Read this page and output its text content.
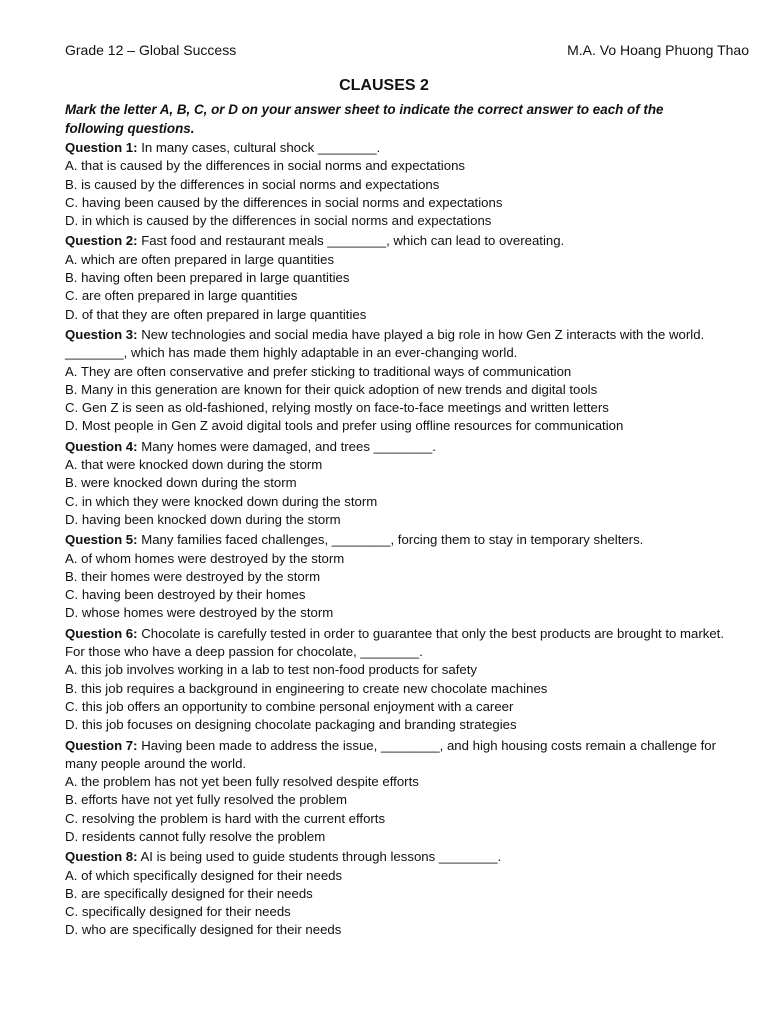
Grade 12 – Global Success	M.A. Vo Hoang Phuong Thao
CLAUSES 2
Mark the letter A, B, C, or D on your answer sheet to indicate the correct answer to each of the following questions.
Question 1: In many cases, cultural shock ________.
A. that is caused by the differences in social norms and expectations
B. is caused by the differences in social norms and expectations
C. having been caused by the differences in social norms and expectations
D. in which is caused by the differences in social norms and expectations
Question 2: Fast food and restaurant meals ________, which can lead to overeating.
A. which are often prepared in large quantities
B. having often been prepared in large quantities
C. are often prepared in large quantities
D. of that they are often prepared in large quantities
Question 3: New technologies and social media have played a big role in how Gen Z interacts with the world. ________, which has made them highly adaptable in an ever-changing world.
A. They are often conservative and prefer sticking to traditional ways of communication
B. Many in this generation are known for their quick adoption of new trends and digital tools
C. Gen Z is seen as old-fashioned, relying mostly on face-to-face meetings and written letters
D. Most people in Gen Z avoid digital tools and prefer using offline resources for communication
Question 4: Many homes were damaged, and trees ________.
A. that were knocked down during the storm
B. were knocked down during the storm
C. in which they were knocked down during the storm
D. having been knocked down during the storm
Question 5: Many families faced challenges, ________, forcing them to stay in temporary shelters.
A. of whom homes were destroyed by the storm
B. their homes were destroyed by the storm
C. having been destroyed by their homes
D. whose homes were destroyed by the storm
Question 6: Chocolate is carefully tested in order to guarantee that only the best products are brought to market. For those who have a deep passion for chocolate, ________.
A. this job involves working in a lab to test non-food products for safety
B. this job requires a background in engineering to create new chocolate machines
C. this job offers an opportunity to combine personal enjoyment with a career
D. this job focuses on designing chocolate packaging and branding strategies
Question 7: Having been made to address the issue, ________, and high housing costs remain a challenge for many people around the world.
A. the problem has not yet been fully resolved despite efforts
B. efforts have not yet fully resolved the problem
C. resolving the problem is hard with the current efforts
D. residents cannot fully resolve the problem
Question 8: AI is being used to guide students through lessons ________.
A. of which specifically designed for their needs
B. are specifically designed for their needs
C. specifically designed for their needs
D. who are specifically designed for their needs
